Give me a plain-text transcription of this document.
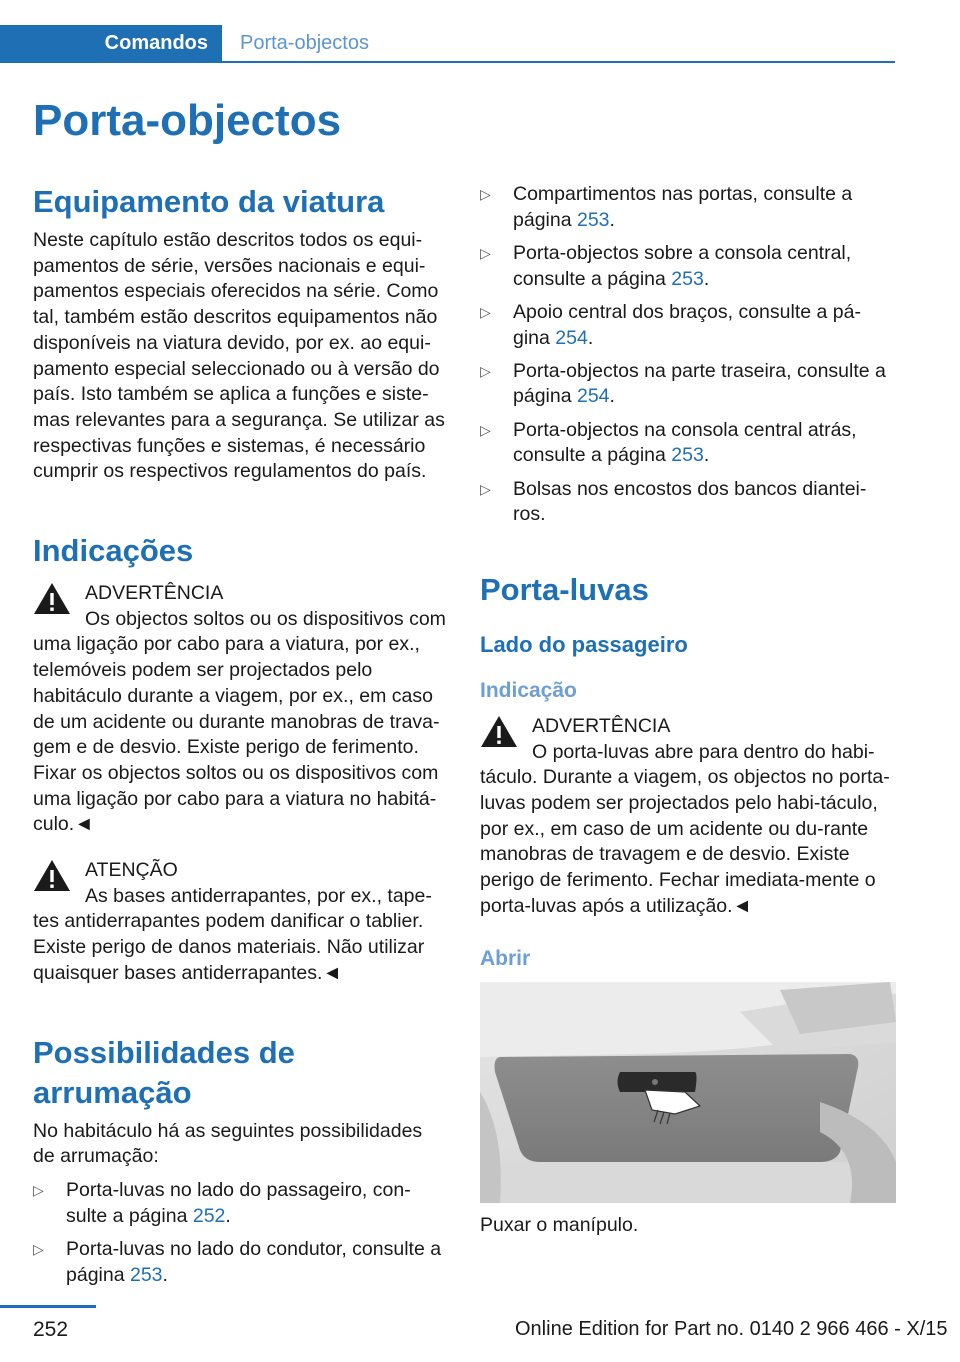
Comandos	Porta-objectos
Porta-objectos
Equipamento da viatura

Neste capítulo estão descritos todos os equi-pamentos de série, versões nacionais e equi-pamentos especiais oferecidos na série. Como tal, também estão descritos equipamentos não disponíveis na viatura devido, por ex. ao equi-pamento especial seleccionado ou à versão do país. Isto também se aplica a funções e siste-mas relevantes para a segurança. Se utilizar as respectivas funções e sistemas, é necessário cumprir os respectivos regulamentos do país.

Indicações

ADVERTÊNCIA

Os objectos soltos ou os dispositivos com uma ligação por cabo para a viatura, por ex., telemóveis podem ser projectados pelo habitáculo durante a viagem, por ex., em caso de um acidente ou durante manobras de trava-gem e de desvio. Existe perigo de ferimento. Fixar os objectos soltos ou os dispositivos com uma ligação por cabo para a viatura no habitá-culo.◄

ATENÇÃO

As bases antiderrapantes, por ex., tape-tes antiderrapantes podem danificar o tablier. Existe perigo de danos materiais. Não utilizar quaisquer bases antiderrapantes.◄

Possibilidades de arrumação

No habitáculo há as seguintes possibilidades de arrumação:

▷ Porta-luvas no lado do passageiro, con-sulte a página 252.
▷ Porta-luvas no lado do condutor, consulte a página 253.
▷ Compartimentos nas portas, consulte a página 253.
▷ Porta-objectos sobre a consola central, consulte a página 253.
▷ Apoio central dos braços, consulte a pá-gina 254.
▷ Porta-objectos na parte traseira, consulte a página 254.
▷ Porta-objectos na consola central atrás, consulte a página 253.
▷ Bolsas nos encostos dos bancos diantei-ros.
Porta-luvas
Lado do passageiro
Indicação

ADVERTÊNCIA

O porta-luvas abre para dentro do habi-táculo. Durante a viagem, os objectos no porta-luvas podem ser projectados pelo habi-táculo, por ex., em caso de um acidente ou du-rante manobras de travagem e de desvio. Existe perigo de ferimento. Fechar imediata-mente o porta-luvas após a utilização.◄

Abrir

Puxar o manípulo.

252	Online Edition for Part no. 0140 2 966 466 - X/15
